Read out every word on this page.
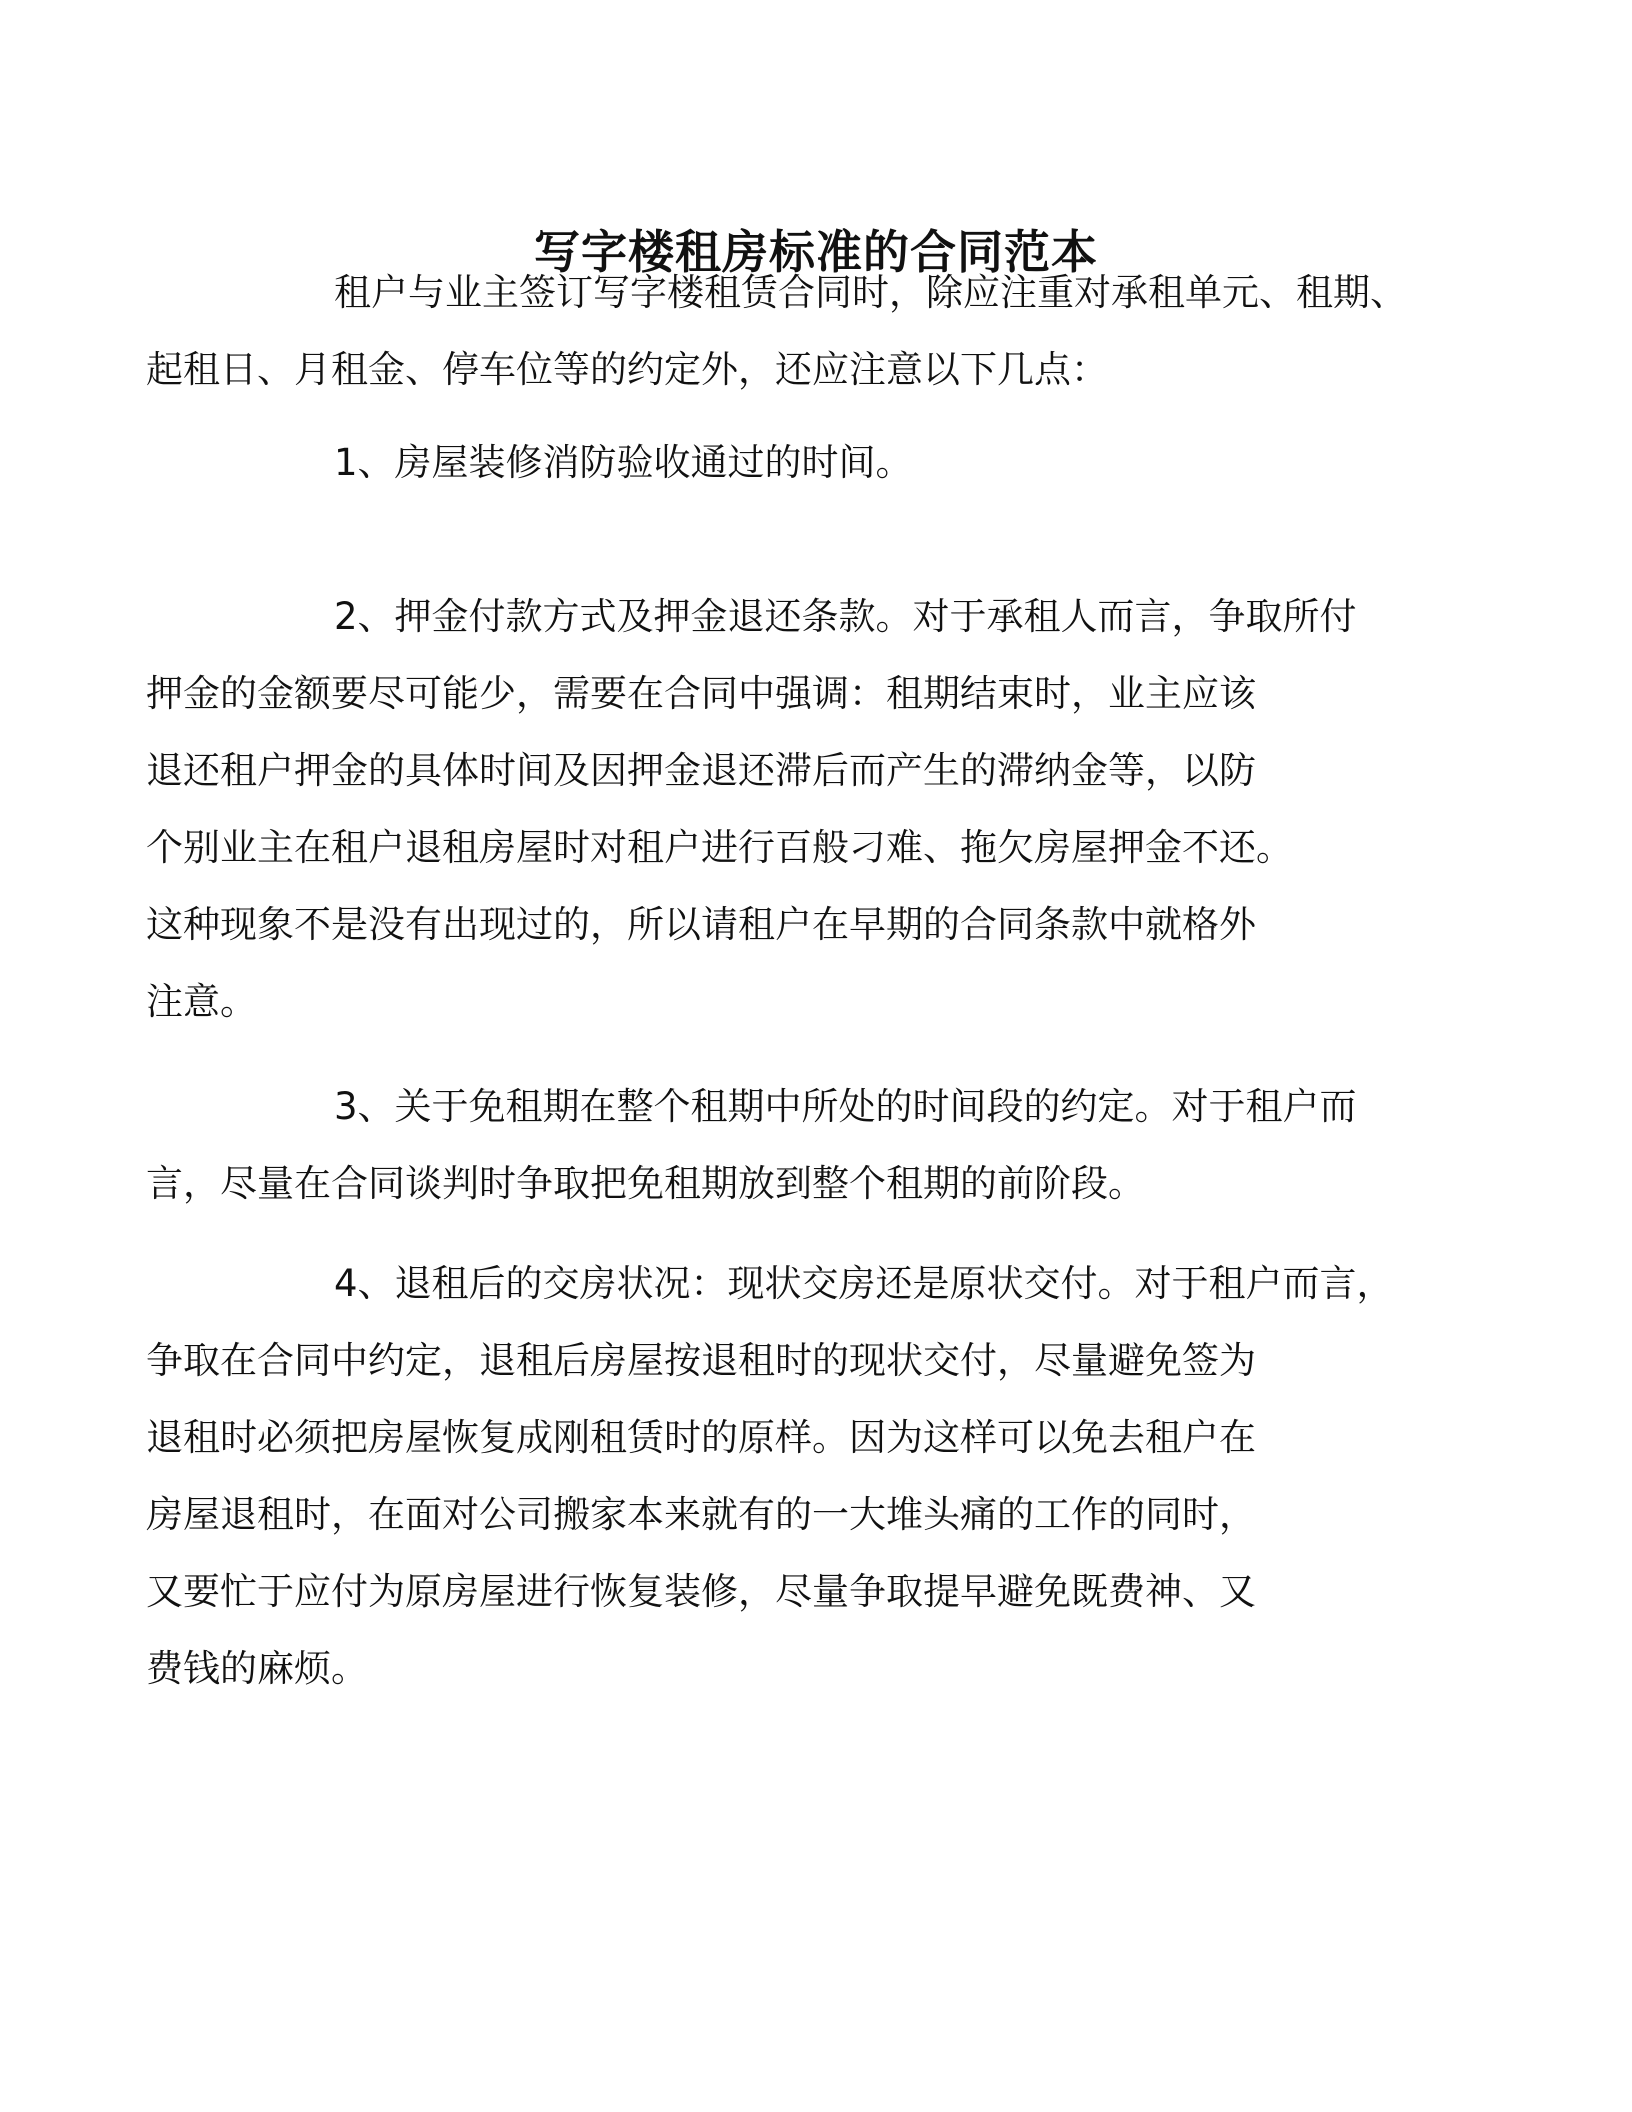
写字楼租房标准的合同范本
租户与业主签订写字楼租赁合同时，除应注重对承租单元、租期、
起租日、月租金、停车位等的约定外，还应注意以下几点：
1、房屋装修消防验收通过的时间。
2、押金付款方式及押金退还条款。对于承租人而言，争取所付
押金的金额要尽可能少，需要在合同中强调：租期结束时，业主应该
退还租户押金的具体时间及因押金退还滞后而产生的滞纳金等，以防
个别业主在租户退租房屋时对租户进行百般刁难、拖欠房屋押金不还。
这种现象不是没有出现过的，所以请租户在早期的合同条款中就格外
注意。
3、关于免租期在整个租期中所处的时间段的约定。对于租户而
言，尽量在合同谈判时争取把免租期放到整个租期的前阶段。
4、退租后的交房状况：现状交房还是原状交付。对于租户而言，
争取在合同中约定，退租后房屋按退租时的现状交付，尽量避免签为
退租时必须把房屋恢复成刚租赁时的原样。因为这样可以免去租户在
房屋退租时，在面对公司搬家本来就有的一大堆头痛的工作的同时，
又要忙于应付为原房屋进行恢复装修，尽量争取提早避免既费神、又
费钱的麻烦。
